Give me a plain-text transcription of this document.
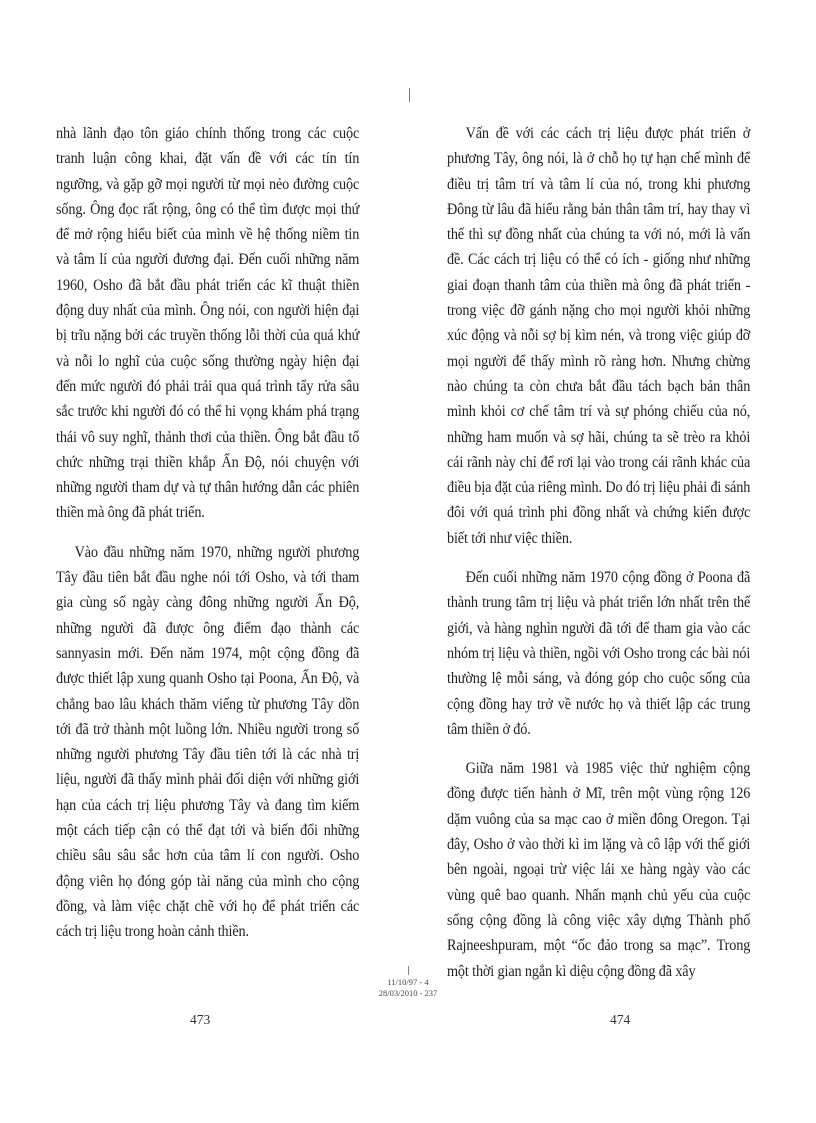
nhà lãnh đạo tôn giáo chính thống trong các cuộc tranh luận công khai, đặt vấn đề với các tín tín ngưỡng, và gặp gỡ mọi người từ mọi nẻo đường cuộc sống. Ông đọc rất rộng, ông có thể tìm được mọi thứ để mở rộng hiểu biết của mình về hệ thống niềm tin và tâm lí của người đương đại. Đến cuối những năm 1960, Osho đã bắt đầu phát triển các kĩ thuật thiền động duy nhất của mình. Ông nói, con người hiện đại bị trĩu nặng bởi các truyền thống lỗi thời của quá khứ và nỗi lo nghĩ của cuộc sống thường ngày hiện đại đến mức người đó phải trải qua quá trình tẩy rửa sâu sắc trước khi người đó có thể hi vọng khám phá trạng thái vô suy nghĩ, thảnh thơi của thiền. Ông bắt đầu tổ chức những trại thiền khắp Ấn Độ, nói chuyện với những người tham dự và tự thân hướng dẫn các phiên thiền mà ông đã phát triển.

Vào đầu những năm 1970, những người phương Tây đầu tiên bắt đầu nghe nói tới Osho, và tới tham gia cùng số ngày càng đông những người Ấn Độ, những người đã được ông điểm đạo thành các sannyasin mới. Đến năm 1974, một cộng đồng đã được thiết lập xung quanh Osho tại Poona, Ấn Độ, và chẳng bao lâu khách thăm viếng từ phương Tây dồn tới đã trở thành một luồng lớn. Nhiều người trong số những người phương Tây đầu tiên tới là các nhà trị liệu, người đã thấy mình phải đối diện với những giới hạn của cách trị liệu phương Tây và đang tìm kiếm một cách tiếp cận có thể đạt tới và biến đổi những chiều sâu sâu sắc hơn của tâm lí con người. Osho động viên họ đóng góp tài năng của mình cho cộng đồng, và làm việc chặt chẽ với họ để phát triển các cách trị liệu trong hoàn cảnh thiền.

Vấn đề với các cách trị liệu được phát triển ở phương Tây, ông nói, là ở chỗ họ tự hạn chế mình để điều trị tâm trí và tâm lí của nó, trong khi phương Đông từ lâu đã hiểu rằng bản thân tâm trí, hay thay vì thế thì sự đồng nhất của chúng ta với nó, mới là vấn đề. Các cách trị liệu có thể có ích - giống như những giai đoạn thanh tâm của thiền mà ông đã phát triển - trong việc đỡ gánh nặng cho mọi người khỏi những xúc động và nỗi sợ bị kìm nén, và trong việc giúp đỡ mọi người để thấy mình rõ ràng hơn. Nhưng chừng nào chúng ta còn chưa bắt đầu tách bạch bản thân mình khỏi cơ chế tâm trí và sự phóng chiếu của nó, những ham muốn và sợ hãi, chúng ta sẽ trèo ra khỏi cái rãnh này chỉ để rơi lại vào trong cái rãnh khác của điều bịa đặt của riêng mình. Do đó trị liệu phải đi sánh đôi với quá trình phi đồng nhất và chứng kiến được biết tới như việc thiền.

Đến cuối những năm 1970 cộng đồng ở Poona đã thành trung tâm trị liệu và phát triển lớn nhất trên thế giới, và hàng nghìn người đã tới để tham gia vào các nhóm trị liệu và thiền, ngồi với Osho trong các bài nói thường lệ mỗi sáng, và đóng góp cho cuộc sống của cộng đồng hay trở về nước họ và thiết lập các trung tâm thiền ở đó.

Giữa năm 1981 và 1985 việc thử nghiệm cộng đồng được tiến hành ở Mĩ, trên một vùng rộng 126 dặm vuông của sa mạc cao ở miền đông Oregon. Tại đây, Osho ở vào thời kì im lặng và cô lập với thế giới bên ngoài, ngoại trừ việc lái xe hàng ngày vào các vùng quê bao quanh. Nhấn mạnh chủ yếu của cuộc sống cộng đồng là công việc xây dựng Thành phố Rajneeshpuram, một “ốc đảo trong sa mạc”. Trong một thời gian ngắn kì diệu cộng đồng đã xây

11/10/97 - 4
28/03/2010 - 237
473	474
